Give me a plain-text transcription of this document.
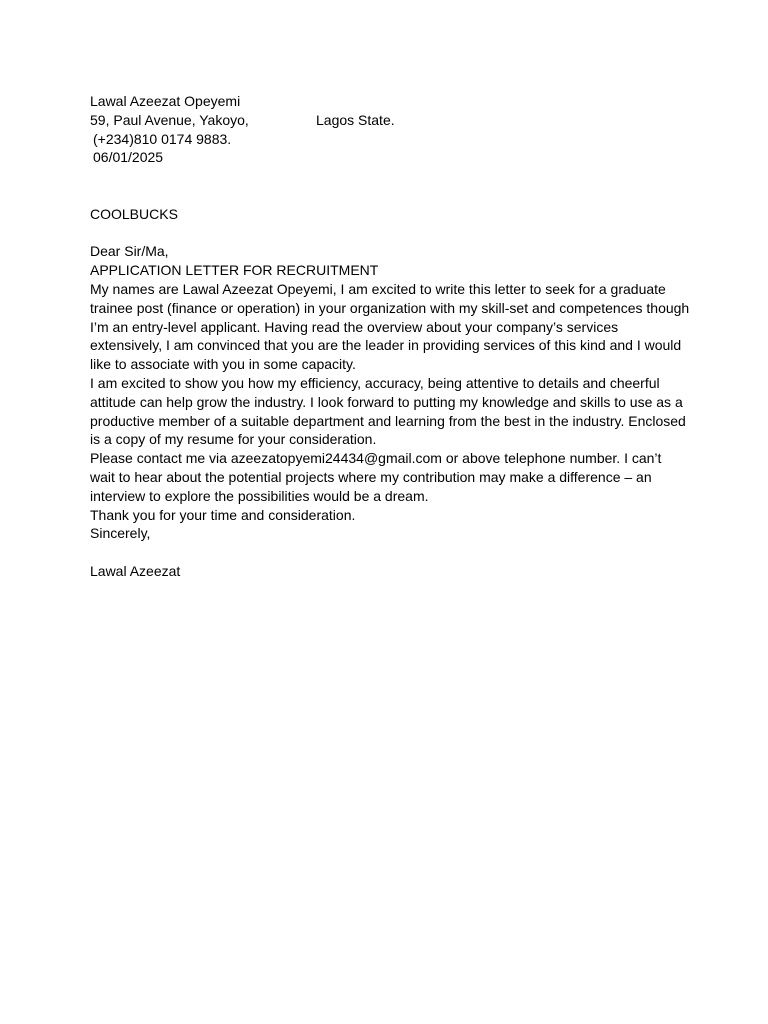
Lawal Azeezat Opeyemi
59, Paul Avenue, Yakoyo,	Lagos State.
(+234)810 0174 9883.
06/01/2025
COOLBUCKS
Dear Sir/Ma,
APPLICATION LETTER FOR RECRUITMENT

My names are Lawal Azeezat Opeyemi, I am excited to write this letter to seek for a graduate trainee post (finance or operation) in your organization with my skill-set and competences though I’m an entry-level applicant. Having read the overview about your company’s services extensively, I am convinced that you are the leader in providing services of this kind and I would like to associate with you in some capacity.

I am excited to show you how my efficiency, accuracy, being attentive to details and cheerful attitude can help grow the industry. I look forward to putting my knowledge and skills to use as a productive member of a suitable department and learning from the best in the industry. Enclosed is a copy of my resume for your consideration.

Please contact me via azeezatopyemi24434@gmail.com or above telephone number. I can’t wait to hear about the potential projects where my contribution may make a difference – an interview to explore the possibilities would be a dream.

Thank you for your time and consideration.

Sincerely,
Lawal Azeezat
